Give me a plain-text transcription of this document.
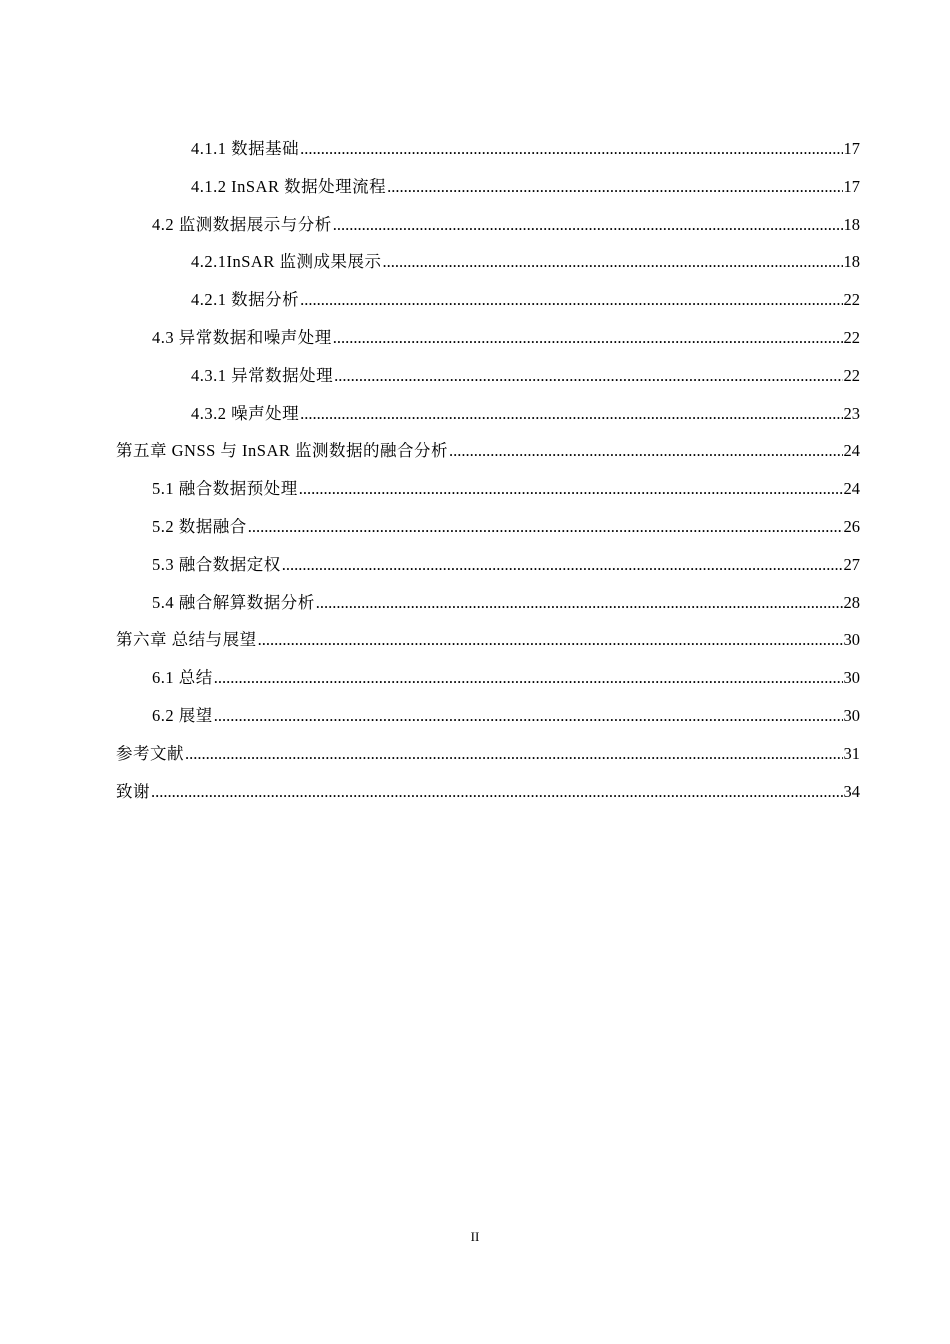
4.1.1 数据基础 .....	17
4.1.2 InSAR 数据处理流程 .....	17
4.2 监测数据展示与分析 .....	18
4.2.1InSAR 监测成果展示 .....	18
4.2.1 数据分析 .....	22
4.3 异常数据和噪声处理 .....	22
4.3.1 异常数据处理 .....	22
4.3.2 噪声处理 .....	23
第五章 GNSS 与 InSAR 监测数据的融合分析 .....	24
5.1 融合数据预处理 .....	24
5.2 数据融合 .....	26
5.3 融合数据定权 .....	27
5.4 融合解算数据分析 .....	28
第六章 总结与展望 .....	30
6.1 总结 .....	30
6.2 展望 .....	30
参考文献 .....	31
致谢 .....	34
II
